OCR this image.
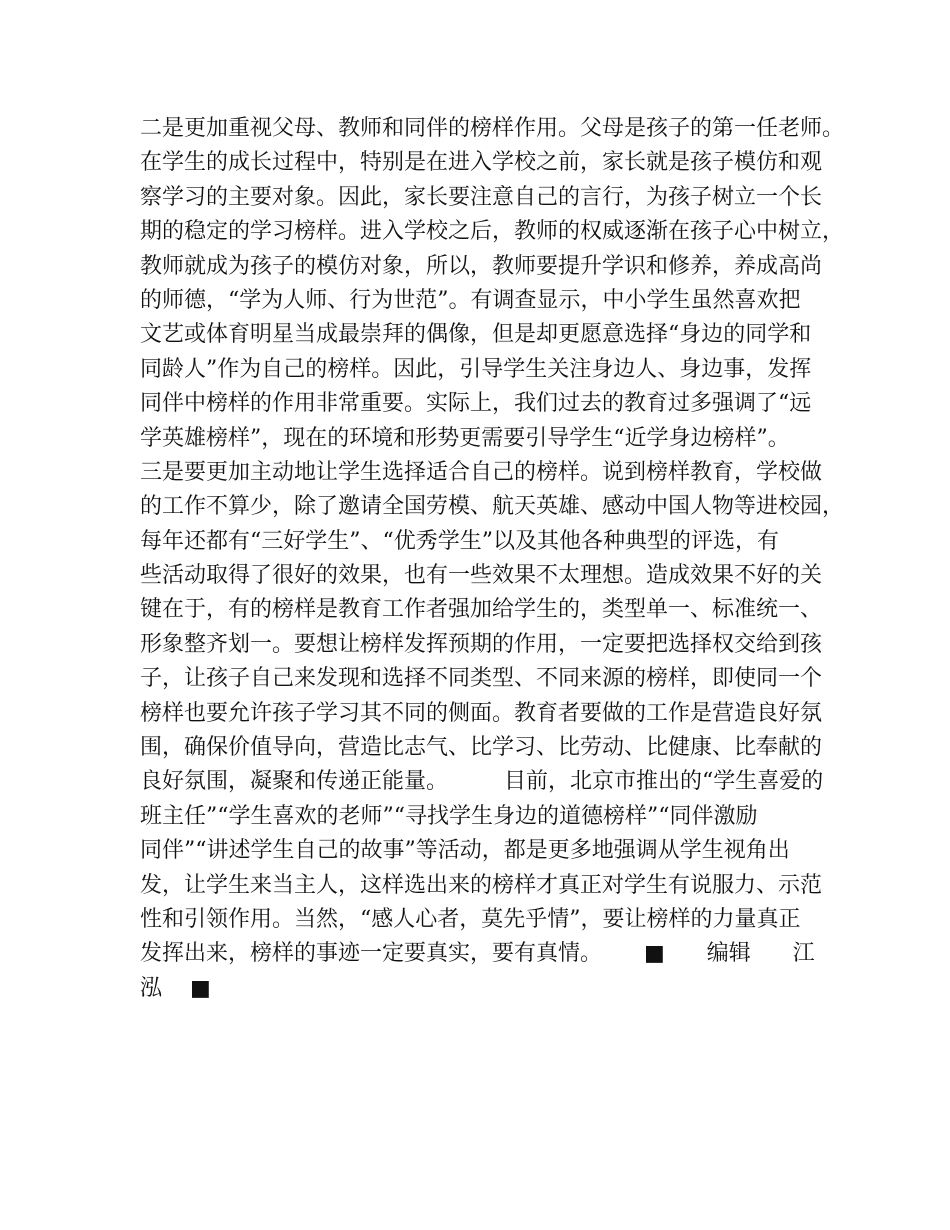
二是更加重视父母、教师和同伴的榜样作用。父母是孩子的第一任老师。
在学生的成长过程中，特别是在进入学校之前，家长就是孩子模仿和观
察学习的主要对象。因此，家长要注意自己的言行，为孩子树立一个长
期的稳定的学习榜样。进入学校之后，教师的权威逐渐在孩子心中树立，
教师就成为孩子的模仿对象，所以，教师要提升学识和修养，养成高尚
的师德，“学为人师、行为世范”。有调查显示，中小学生虽然喜欢把
文艺或体育明星当成最崇拜的偶像，但是却更愿意选择“身边的同学和
同龄人”作为自己的榜样。因此，引导学生关注身边人、身边事，发挥
同伴中榜样的作用非常重要。实际上，我们过去的教育过多强调了“远
学英雄榜样”，现在的环境和形势更需要引导学生“近学身边榜样”。
三是要更加主动地让学生选择适合自己的榜样。说到榜样教育，学校做
的工作不算少，除了邀请全国劳模、航天英雄、感动中国人物等进校园，
每年还都有“三好学生”、“优秀学生”以及其他各种典型的评选，有
些活动取得了很好的效果，也有一些效果不太理想。造成效果不好的关
键在于，有的榜样是教育工作者强加给学生的，类型单一、标准统一、
形象整齐划一。要想让榜样发挥预期的作用，一定要把选择权交给到孩
子，让孩子自己来发现和选择不同类型、不同来源的榜样，即使同一个
榜样也要允许孩子学习其不同的侧面。教育者要做的工作是营造良好氛
围，确保价值导向，营造比志气、比学习、比劳动、比健康、比奉献的
良好氛围，凝聚和传递正能量。        目前，北京市推出的“学生喜爱的
班主任”“学生喜欢的老师”“寻找学生身边的道德榜样”“同伴激励
同伴”“讲述学生自己的故事”等活动，都是更多地强调从学生视角出
发，让学生来当主人，这样选出来的榜样才真正对学生有说服力、示范
性和引领作用。当然，“感人心者，莫先乎情”，要让榜样的力量真正
发挥出来，榜样的事迹一定要真实，要有真情。      ■      编辑      江
泓    ■
